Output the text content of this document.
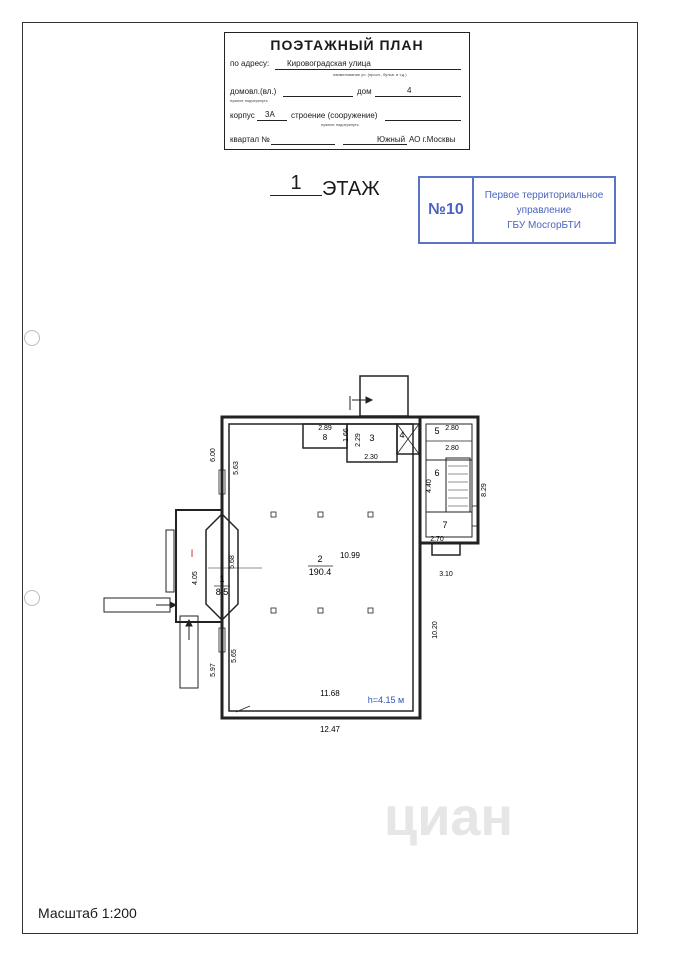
ПОЭТАЖНЫЙ ПЛАН
по адресу: Кировоградская улица
наименование ул. (просп., бульв. и т.д.)
домовл.(вл.)	дом	4
нужное подчеркнуть
корпус 3А строение (сооружение)
нужное подчеркнуть
квартал №	Южный АО г.Москвы
1	ЭТАЖ
№10
Первое территориальное
управление
ГБУ МосгорБТИ
2
190.4
1
8.5
3	4	5
6
7
8
I
h=4.15 м
10.99
11.68
12.47
2.89
2.30
2.80
2.80
2.70
3.10
10.20
6.00
5.63
5.68
4.05
5.65
5.97
1.66 2.29
4.40	8.29
циан
Масштаб 1:200
